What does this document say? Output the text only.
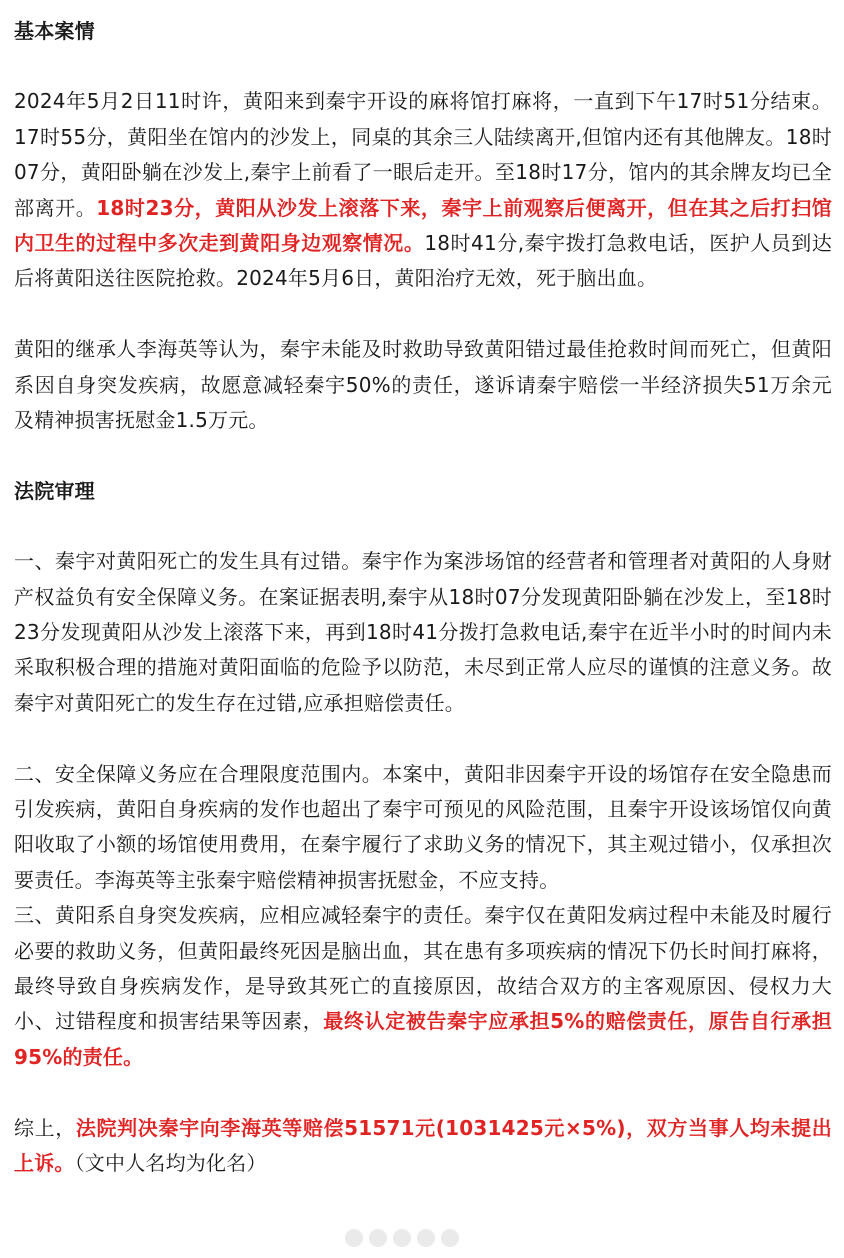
基本案情

2024年5月2日11时许，黄阳来到秦宇开设的麻将馆打麻将，一直到下午17时51分结束。17时55分，黄阳坐在馆内的沙发上，同桌的其余三人陆续离开,但馆内还有其他牌友。18时07分，黄阳卧躺在沙发上,秦宇上前看了一眼后走开。至18时17分，馆内的其余牌友均已全部离开。18时23分，黄阳从沙发上滚落下来，秦宇上前观察后便离开，但在其之后打扫馆内卫生的过程中多次走到黄阳身边观察情况。18时41分,秦宇拨打急救电话，医护人员到达后将黄阳送往医院抢救。2024年5月6日，黄阳治疗无效，死于脑出血。

黄阳的继承人李海英等认为，秦宇未能及时救助导致黄阳错过最佳抢救时间而死亡，但黄阳系因自身突发疾病，故愿意减轻秦宇50%的责任，遂诉请秦宇赔偿一半经济损失51万余元及精神损害抚慰金1.5万元。

法院审理

一、秦宇对黄阳死亡的发生具有过错。秦宇作为案涉场馆的经营者和管理者对黄阳的人身财产权益负有安全保障义务。在案证据表明,秦宇从18时07分发现黄阳卧躺在沙发上，至18时23分发现黄阳从沙发上滚落下来，再到18时41分拨打急救电话,秦宇在近半小时的时间内未采取积极合理的措施对黄阳面临的危险予以防范，未尽到正常人应尽的谨慎的注意义务。故秦宇对黄阳死亡的发生存在过错,应承担赔偿责任。

二、安全保障义务应在合理限度范围内。本案中，黄阳非因秦宇开设的场馆存在安全隐患而引发疾病，黄阳自身疾病的发作也超出了秦宇可预见的风险范围，且秦宇开设该场馆仅向黄阳收取了小额的场馆使用费用，在秦宇履行了求助义务的情况下，其主观过错小，仅承担次要责任。李海英等主张秦宇赔偿精神损害抚慰金，不应支持。

三、黄阳系自身突发疾病，应相应减轻秦宇的责任。秦宇仅在黄阳发病过程中未能及时履行必要的救助义务，但黄阳最终死因是脑出血，其在患有多项疾病的情况下仍长时间打麻将，最终导致自身疾病发作，是导致其死亡的直接原因，故结合双方的主客观原因、侵权力大小、过错程度和损害结果等因素，最终认定被告秦宇应承担5%的赔偿责任，原告自行承担95%的责任。

综上，法院判决秦宇向李海英等赔偿51571元(1031425元×5%)，双方当事人均未提出上诉。（文中人名均为化名）
